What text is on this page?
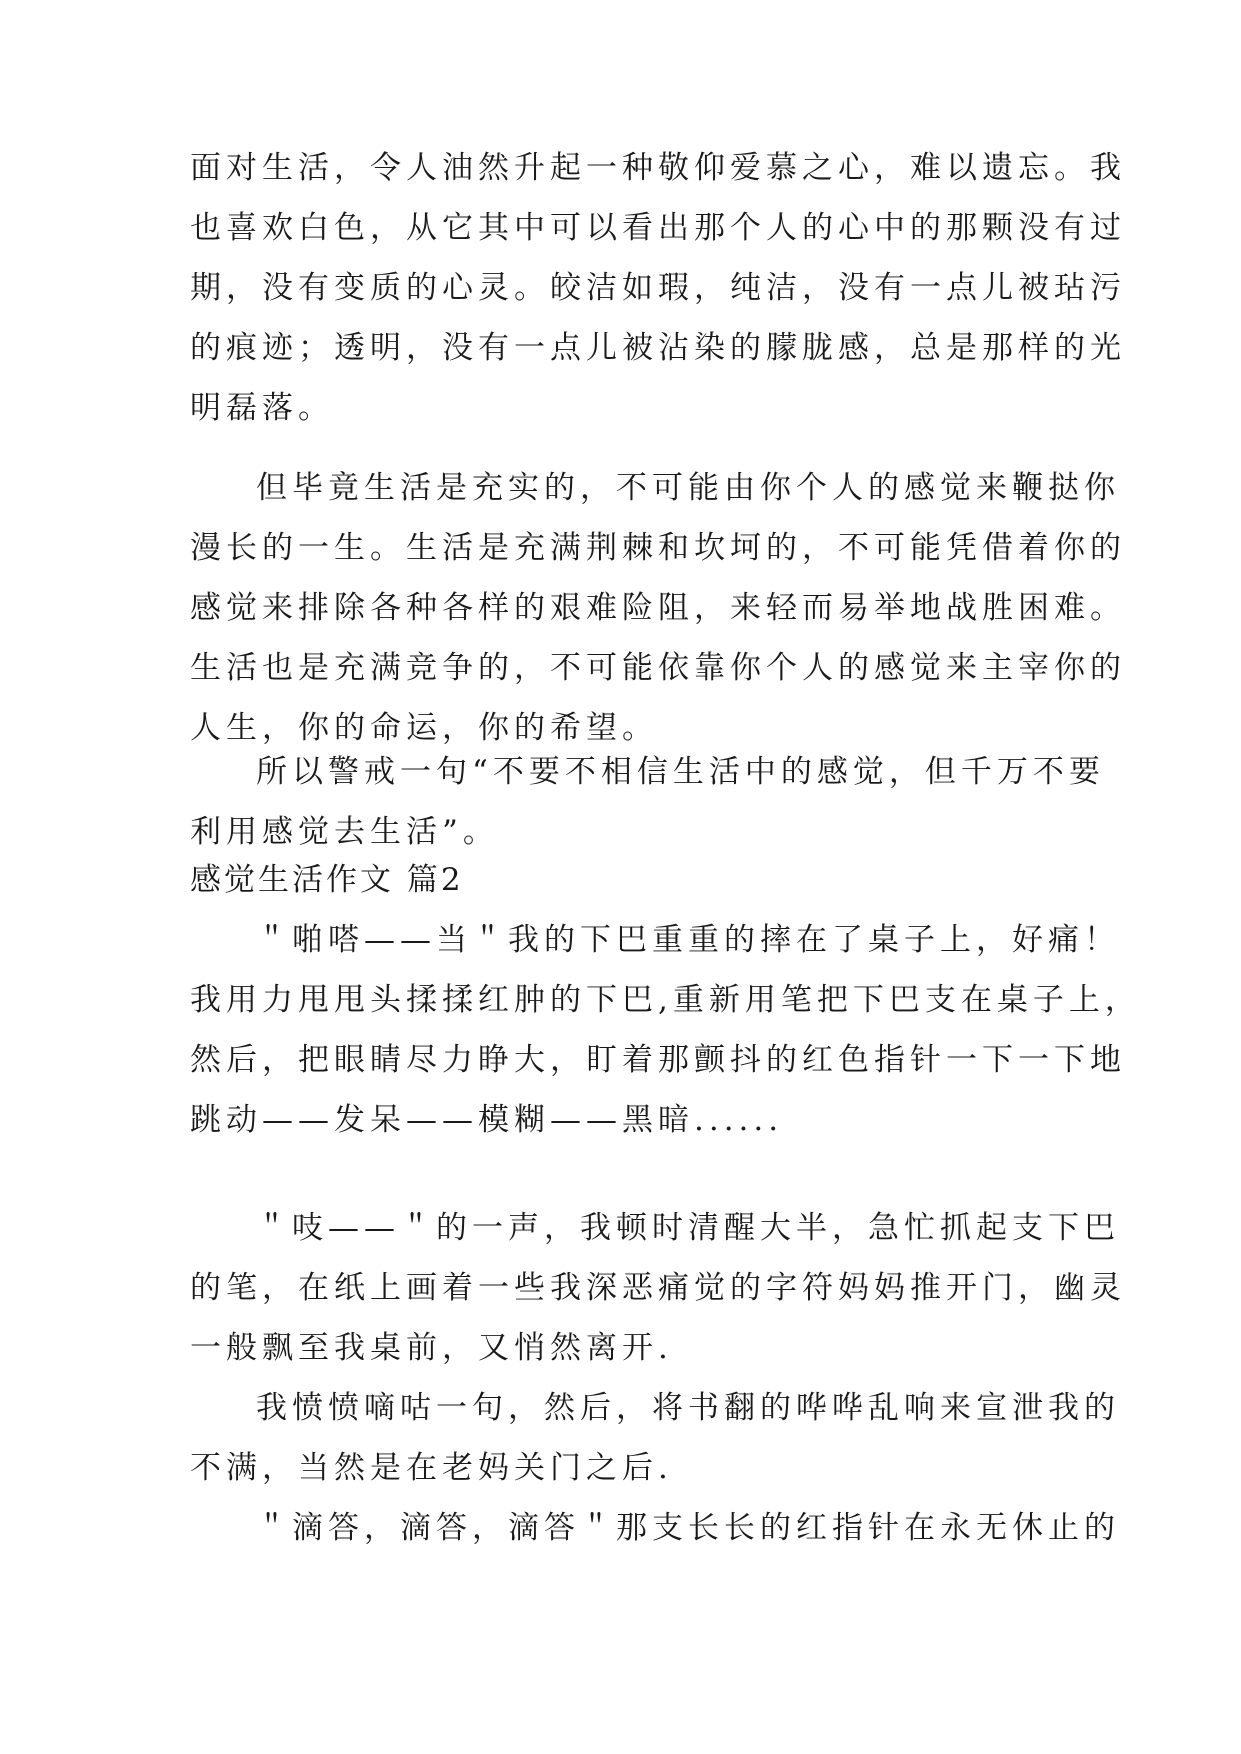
面对生活，令人油然升起一种敬仰爱慕之心，难以遗忘。我
也喜欢白色，从它其中可以看出那个人的心中的那颗没有过
期，没有变质的心灵。皎洁如瑕，纯洁，没有一点儿被玷污
的痕迹；透明，没有一点儿被沾染的朦胧感，总是那样的光
明磊落。
但毕竟生活是充实的，不可能由你个人的感觉来鞭挞你
漫长的一生。生活是充满荆棘和坎坷的，不可能凭借着你的
感觉来排除各种各样的艰难险阻，来轻而易举地战胜困难。
生活也是充满竞争的，不可能依靠你个人的感觉来主宰你的
人生，你的命运，你的希望。
所以警戒一句“不要不相信生活中的感觉，但千万不要
利用感觉去生活”。
感觉生活作文 篇2
＂啪嗒——当＂我的下巴重重的摔在了桌子上，好痛！
我用力甩甩头揉揉红肿的下巴,重新用笔把下巴支在桌子上，
然后，把眼睛尽力睁大，盯着那颤抖的红色指针一下一下地
跳动——发呆——模糊——黑暗......
＂吱——＂的一声，我顿时清醒大半，急忙抓起支下巴
的笔，在纸上画着一些我深恶痛觉的字符妈妈推开门，幽灵
一般飘至我桌前，又悄然离开.
我愤愤嘀咕一句，然后，将书翻的哗哗乱响来宣泄我的
不满，当然是在老妈关门之后.
＂滴答，滴答，滴答＂那支长长的红指针在永无休止的
